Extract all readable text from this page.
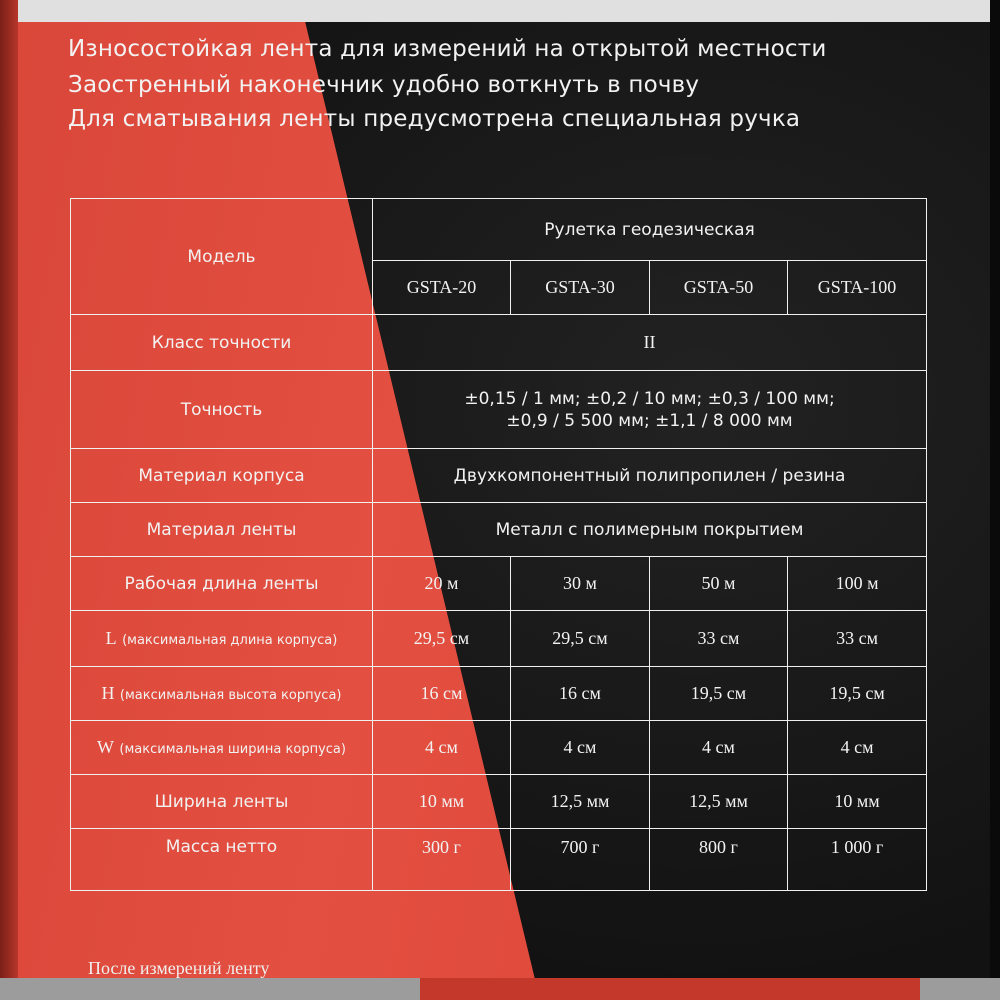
Износостойкая лента для измерений на открытой местности
Заостренный наконечник удобно воткнуть в почву
Для сматывания ленты предусмотрена специальная ручка
Модель	Рулетка геодезическая			
	GSTA-20	GSTA-30	GSTA-50	GSTA-100
Класс точности	II			
Точность	±0,15 / 1 мм; ±0,2 / 10 мм; ±0,3 / 100 мм;
±0,9 / 5 500 мм; ±1,1 / 8 000 мм			

Материал корпуса	Двухкомпонентный полипропилен / резина			
Материал ленты	Металл с полимерным покрытием			
Рабочая длина ленты	20 м	30 м	50 м	100 м
L (максимальная длина корпуса)	29,5 см	29,5 см	33 см	33 см
H (максимальная высота корпуса)	16 см	16 см	19,5 см	19,5 см
W (максимальная ширина корпуса)	4 см	4 см	4 см	4 см
Ширина ленты	10 мм	12,5 мм	12,5 мм	10 мм
Масса нетто	300 г	700 г	800 г	1 000 г
После измерений ленту
